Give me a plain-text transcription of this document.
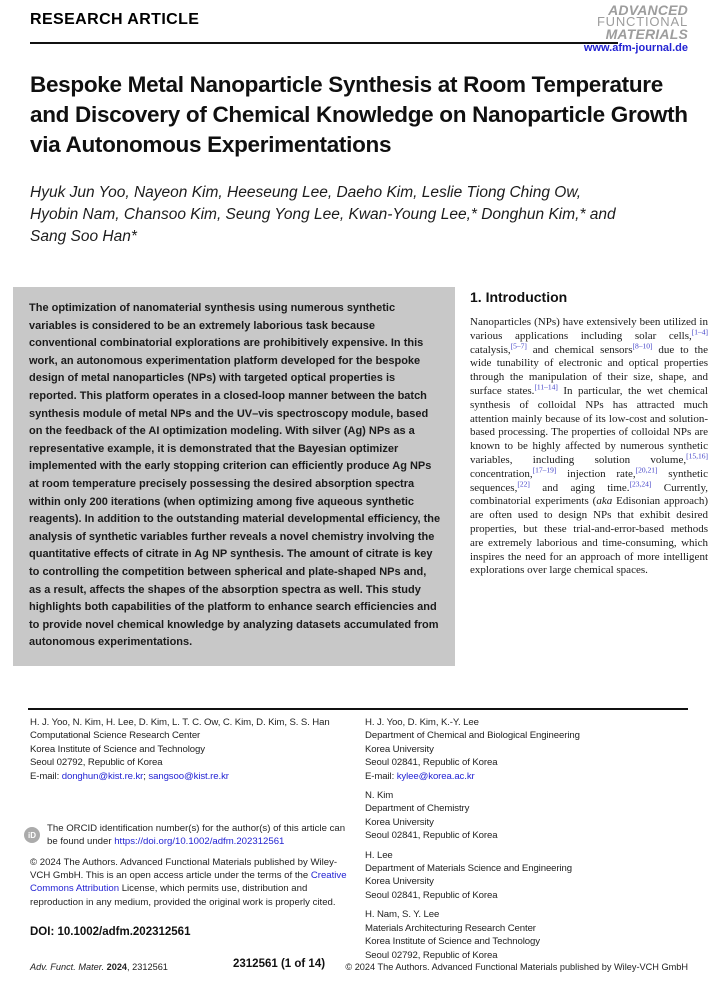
RESEARCH ARTICLE
ADVANCED
FUNCTIONAL
MATERIALS
www.afm-journal.de
Bespoke Metal Nanoparticle Synthesis at Room Temperature and Discovery of Chemical Knowledge on Nanoparticle Growth via Autonomous Experimentations
Hyuk Jun Yoo, Nayeon Kim, Heeseung Lee, Daeho Kim, Leslie Tiong Ching Ow, Hyobin Nam, Chansoo Kim, Seung Yong Lee, Kwan-Young Lee,* Donghun Kim,* and Sang Soo Han*
The optimization of nanomaterial synthesis using numerous synthetic variables is considered to be an extremely laborious task because conventional combinatorial explorations are prohibitively expensive. In this work, an autonomous experimentation platform developed for the bespoke design of metal nanoparticles (NPs) with targeted optical properties is reported. This platform operates in a closed-loop manner between the batch synthesis module of metal NPs and the UV–vis spectroscopy module, based on the feedback of the AI optimization modeling. With silver (Ag) NPs as a representative example, it is demonstrated that the Bayesian optimizer implemented with the early stopping criterion can efficiently produce Ag NPs at room temperature precisely possessing the desired absorption spectra within only 200 iterations (when optimizing among five aqueous synthetic reagents). In addition to the outstanding material developmental efficiency, the analysis of synthetic variables further reveals a novel chemistry involving the quantitative effects of citrate in Ag NP synthesis. The amount of citrate is key to controlling the competition between spherical and plate-shaped NPs and, as a result, affects the shapes of the absorption spectra as well. This study highlights both capabilities of the platform to enhance search efficiencies and to provide novel chemical knowledge by analyzing datasets accumulated from autonomous experimentations.
1. Introduction

Nanoparticles (NPs) have extensively been utilized in various applications including solar cells,[1–4] catalysis,[5–7] and chemical sensors[8–10] due to the wide tunability of electronic and optical properties through the manipulation of their size, shape, and surface states.[11–14] In particular, the wet chemical synthesis of colloidal NPs has attracted much attention mainly because of its low-cost and solution-based processing. The properties of colloidal NPs are known to be highly affected by numerous synthetic variables, including solution volume,[15,16] concentration,[17–19] injection rate,[20,21] synthetic sequences,[22] and aging time.[23,24] Currently, combinatorial experiments (aka Edisonian approach) are often used to design NPs that exhibit desired properties, but these trial-and-error-based methods are extremely laborious and time-consuming, which inspires the need for an approach of more intelligent explorations over large chemical spaces.

H. J. Yoo, N. Kim, H. Lee, D. Kim, L. T. C. Ow, C. Kim, D. Kim, S. S. Han
Computational Science Research Center
Korea Institute of Science and Technology
Seoul 02792, Republic of Korea
E-mail: donghun@kist.re.kr; sangsoo@kist.re.kr
H. J. Yoo, D. Kim, K.-Y. Lee
Department of Chemical and Biological Engineering
Korea University
Seoul 02841, Republic of Korea
E-mail: kylee@korea.ac.kr
N. Kim
Department of Chemistry
Korea University
Seoul 02841, Republic of Korea
H. Lee
Department of Materials Science and Engineering
Korea University
Seoul 02841, Republic of Korea
H. Nam, S. Y. Lee
Materials Architecturing Research Center
Korea Institute of Science and Technology
Seoul 02792, Republic of Korea
iD
The ORCID identification number(s) for the author(s) of this article can be found under https://doi.org/10.1002/adfm.202312561
© 2024 The Authors. Advanced Functional Materials published by Wiley-VCH GmbH. This is an open access article under the terms of the Creative Commons Attribution License, which permits use, distribution and reproduction in any medium, provided the original work is properly cited.
DOI: 10.1002/adfm.202312561
Adv. Funct. Mater. 2024, 2312561	2312561 (1 of 14) © 2024 The Authors. Advanced Functional Materials published by Wiley-VCH GmbH
